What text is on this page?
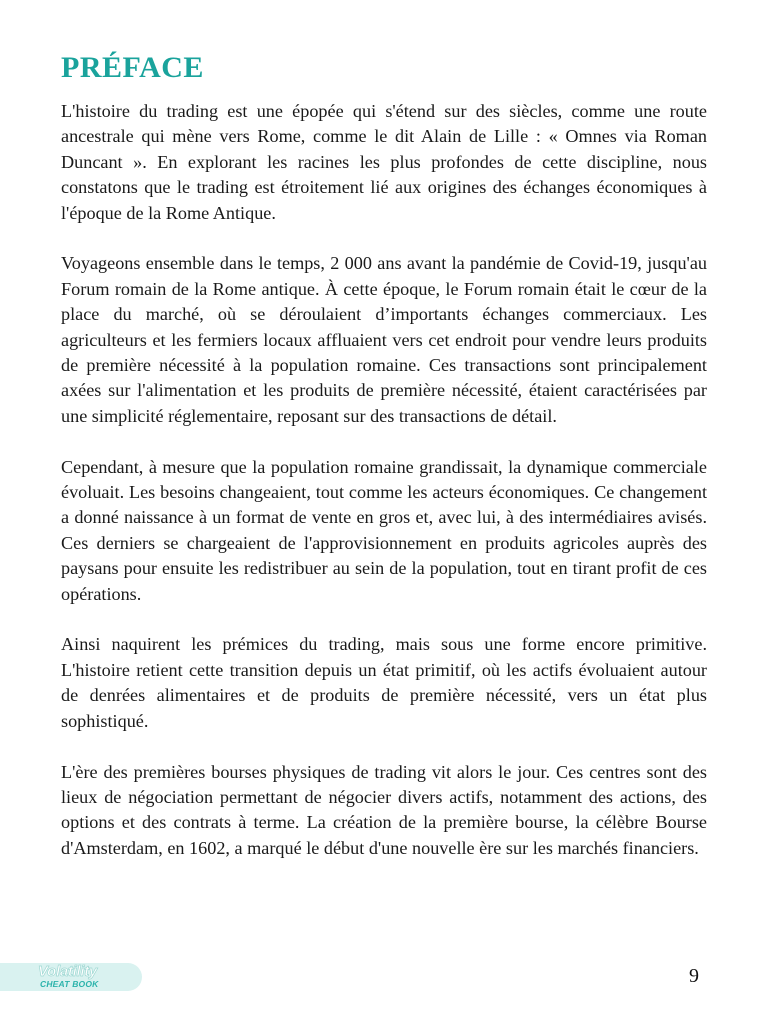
PRÉFACE

L'histoire du trading est une épopée qui s'étend sur des siècles, comme une route ancestrale qui mène vers Rome, comme le dit Alain de Lille : « Omnes via Roman Duncant ». En explorant les racines les plus profondes de cette discipline, nous constatons que le trading est étroitement lié aux origines des échanges économiques à l'époque de la Rome Antique.

Voyageons ensemble dans le temps, 2 000 ans avant la pandémie de Covid-19, jusqu'au Forum romain de la Rome antique. À cette époque, le Forum romain était le cœur de la place du marché, où se déroulaient d’importants échanges commerciaux. Les agriculteurs et les fermiers locaux affluaient vers cet endroit pour vendre leurs produits de première nécessité à la population romaine. Ces transactions sont principalement axées sur l'alimentation et les produits de première nécessité, étaient caractérisées par une simplicité réglementaire, reposant sur des transactions de détail.

Cependant, à mesure que la population romaine grandissait, la dynamique commerciale évoluait. Les besoins changeaient, tout comme les acteurs économiques. Ce changement a donné naissance à un format de vente en gros et, avec lui, à des intermédiaires avisés. Ces derniers se chargeaient de l'approvisionnement en produits agricoles auprès des paysans pour ensuite les redistribuer au sein de la population, tout en tirant profit de ces opérations.

Ainsi naquirent les prémices du trading, mais sous une forme encore primitive. L'histoire retient cette transition depuis un état primitif, où les actifs évoluaient autour de denrées alimentaires et de produits de première nécessité, vers un état plus sophistiqué.

L'ère des premières bourses physiques de trading vit alors le jour. Ces centres sont des lieux de négociation permettant de négocier divers actifs, notamment des actions, des options et des contrats à terme. La création de la première bourse, la célèbre Bourse d'Amsterdam, en 1602, a marqué le début d'une nouvelle ère sur les marchés financiers.

Volatility
CHEAT BOOK	9
